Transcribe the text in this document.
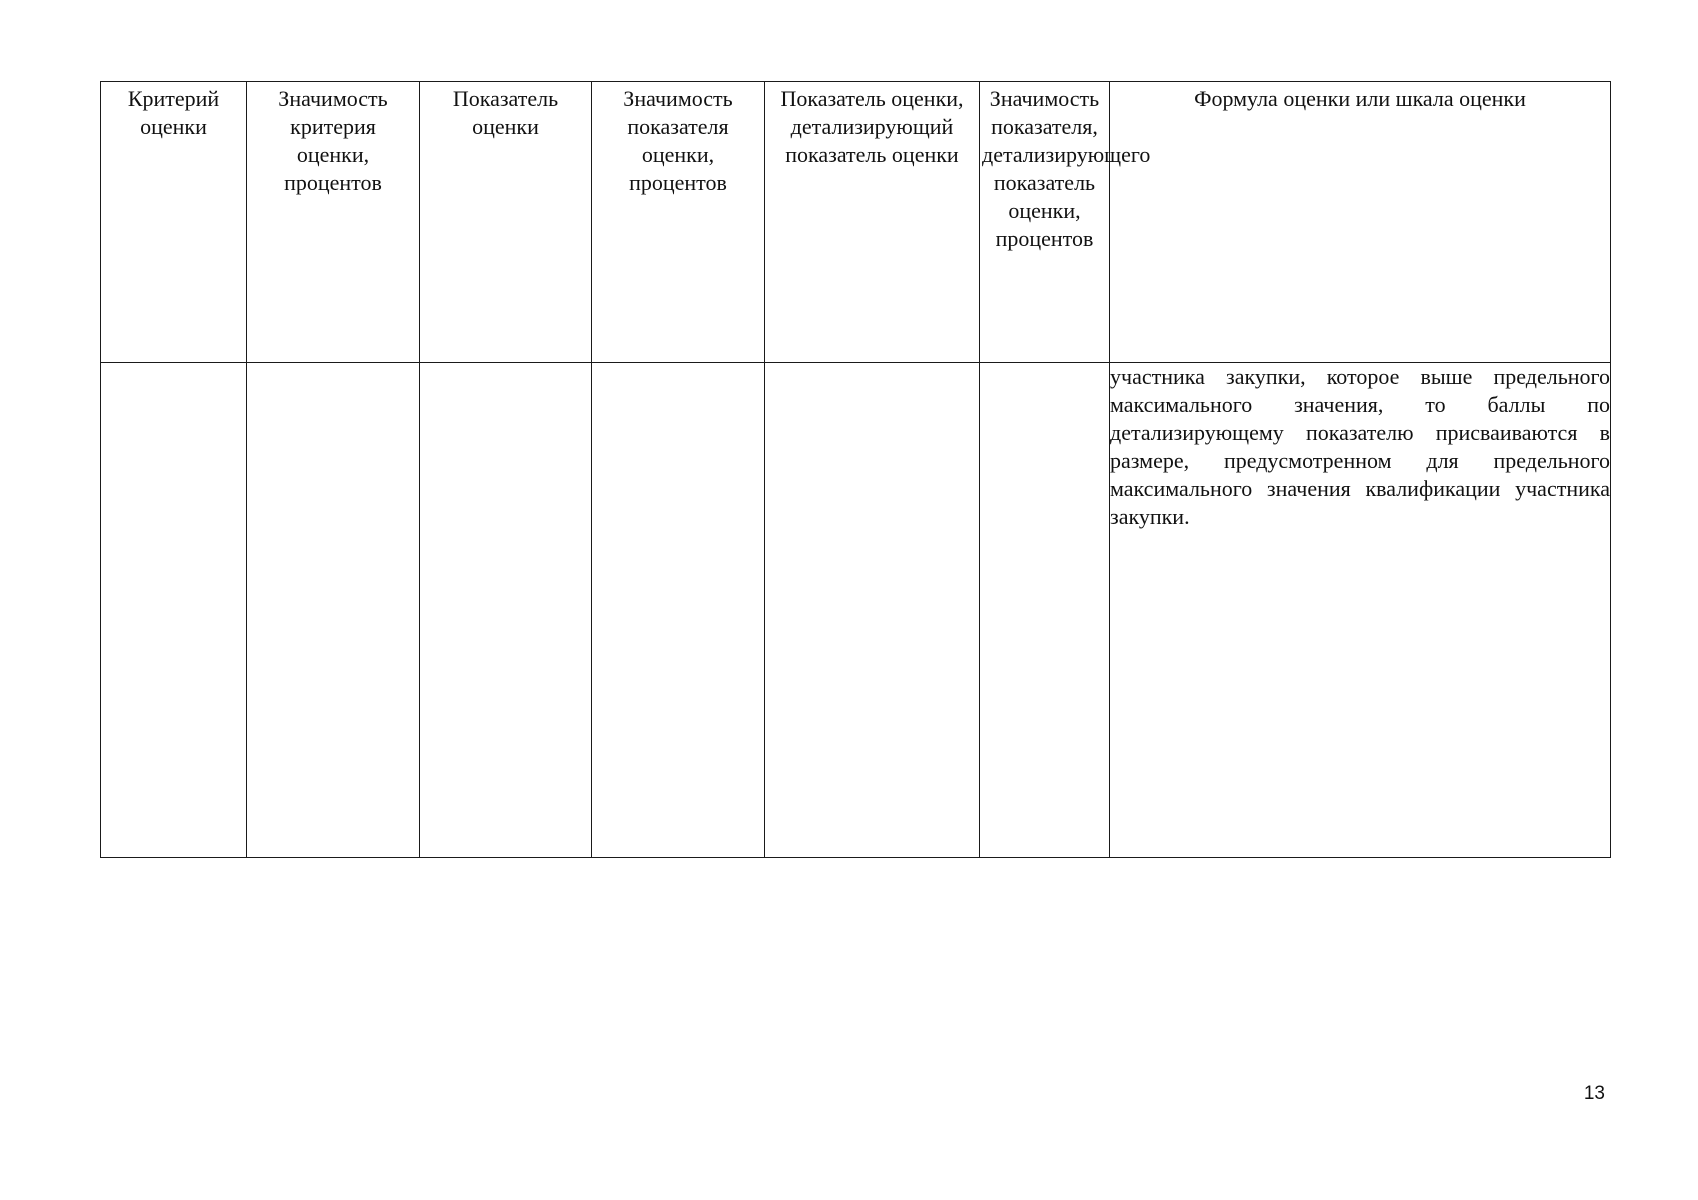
Критерий оценки	Значимость критерия оценки, процентов	Показатель оценки	Значимость показателя оценки, процентов	Показатель оценки, детализирующий показатель оценки	Значимость показателя, детализирующего показатель оценки, процентов	Формула оценки или шкала оценки

						участника закупки, которое выше предельного максимального значения, то баллы по детализирующему показателю присваиваются в размере, предусмотренном для предельного максимального значения квалификации участника закупки.
13
